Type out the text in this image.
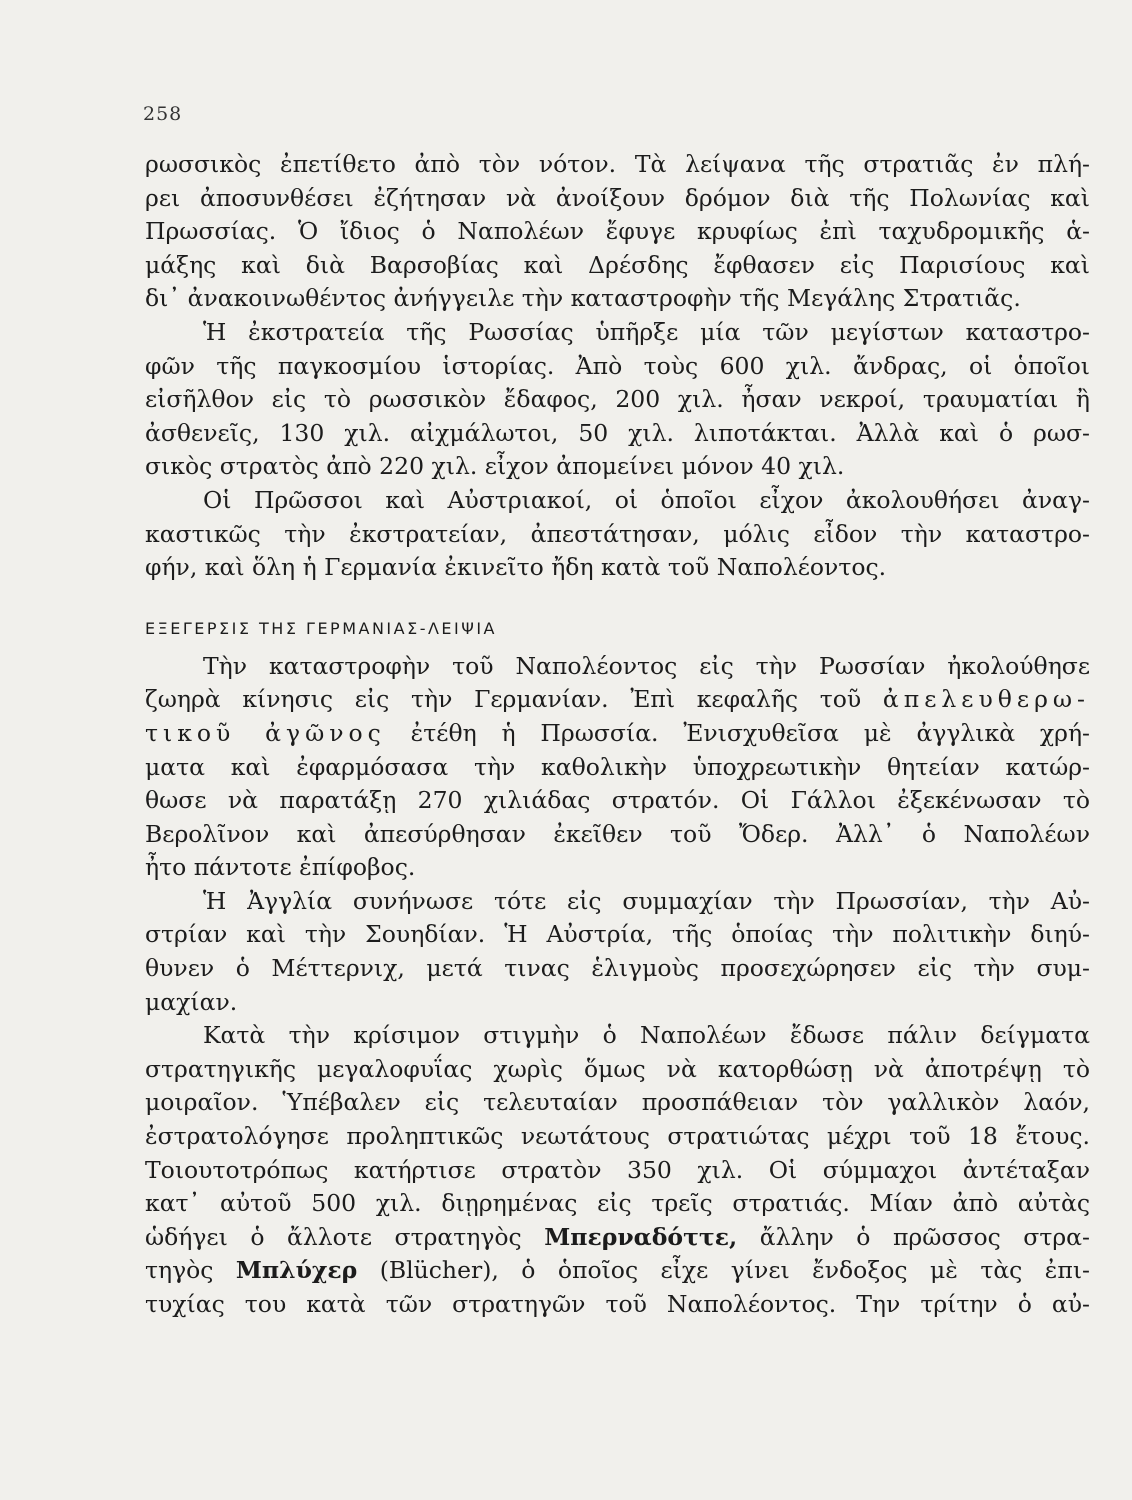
258

ρωσσικὸς ἐπετίθετο ἀπὸ τὸν νότον. Τὰ λείψανα τῆς στρατιᾶς ἐν πλή-

ρει ἀποσυνθέσει ἐζήτησαν νὰ ἀνοίξουν δρόμον διὰ τῆς Πολωνίας καὶ

Πρωσσίας. Ὁ ἴδιος ὁ Ναπολέων ἔφυγε κρυφίως ἐπὶ ταχυδρομικῆς ἁ-

μάξης καὶ διὰ Βαρσοβίας καὶ Δρέσδης ἔφθασεν εἰς Παρισίους καὶ

δι᾽ ἀνακοινωθέντος ἀνήγγειλε τὴν καταστροφὴν τῆς Μεγάλης Στρατιᾶς.

Ἡ ἐκστρατεία τῆς Ρωσσίας ὑπῆρξε μία τῶν μεγίστων καταστρο-

φῶν τῆς παγκοσμίου ἱστορίας. Ἀπὸ τοὺς 600 χιλ. ἄνδρας, οἱ ὁποῖοι

εἰσῆλθον εἰς τὸ ρωσσικὸν ἔδαφος, 200 χιλ. ἦσαν νεκροί, τραυματίαι ἢ

ἀσθενεῖς, 130 χιλ. αἰχμάλωτοι, 50 χιλ. λιποτάκται. Ἀλλὰ καὶ ὁ ρωσ-

σικὸς στρατὸς ἀπὸ 220 χιλ. εἶχον ἀπομείνει μόνον 40 χιλ.

Οἱ Πρῶσσοι καὶ Αὐστριακοί, οἱ ὁποῖοι εἶχον ἀκολουθήσει ἀναγ-

καστικῶς τὴν ἐκστρατείαν, ἀπεστάτησαν, μόλις εἶδον τὴν καταστρο-

φήν, καὶ ὅλη ἡ Γερμανία ἐκινεῖτο ἤδη κατὰ τοῦ Ναπολέοντος.

ΕΞΕΓΕΡΣΙΣ ΤΗΣ ΓΕΡΜΑΝΙΑΣ-ΛΕΙΨΙΑ

Τὴν καταστροφὴν τοῦ Ναπολέοντος εἰς τὴν Ρωσσίαν ἠκολούθησε

ζωηρὰ κίνησις εἰς τὴν Γερμανίαν. Ἐπὶ κεφαλῆς τοῦ ἀπελευθερω-

τικοῦ ἀγῶνος ἐτέθη ἡ Πρωσσία. Ἐνισχυθεῖσα μὲ ἀγγλικὰ χρή-

ματα καὶ ἐφαρμόσασα τὴν καθολικὴν ὑποχρεωτικὴν θητείαν κατώρ-

θωσε νὰ παρατάξῃ 270 χιλιάδας στρατόν. Οἱ Γάλλοι ἐξεκένωσαν τὸ

Βερολῖνον καὶ ἀπεσύρθησαν ἐκεῖθεν τοῦ Ὄδερ. Ἀλλ᾽ ὁ Ναπολέων

ἦτο πάντοτε ἐπίφοβος.

Ἡ Ἀγγλία συνήνωσε τότε εἰς συμμαχίαν τὴν Πρωσσίαν, τὴν Αὐ-

στρίαν καὶ τὴν Σουηδίαν. Ἡ Αὐστρία, τῆς ὁποίας τὴν πολιτικὴν διηύ-

θυνεν ὁ Μέττερνιχ, μετά τινας ἑλιγμοὺς προσεχώρησεν εἰς τὴν συμ-

μαχίαν.

Κατὰ τὴν κρίσιμον στιγμὴν ὁ Ναπολέων ἔδωσε πάλιν δείγματα

στρατηγικῆς μεγαλοφυΐας χωρὶς ὅμως νὰ κατορθώσῃ νὰ ἀποτρέψῃ τὸ

μοιραῖον. Ὑπέβαλεν εἰς τελευταίαν προσπάθειαν τὸν γαλλικὸν λαόν,

ἐστρατολόγησε προληπτικῶς νεωτάτους στρατιώτας μέχρι τοῦ 18 ἔτους.

Τοιουτοτρόπως κατήρτισε στρατὸν 350 χιλ. Οἱ σύμμαχοι ἀντέταξαν

κατ᾽ αὐτοῦ 500 χιλ. διῃρημένας εἰς τρεῖς στρατιάς. Μίαν ἀπὸ αὐτὰς

ὡδήγει ὁ ἄλλοτε στρατηγὸς Μπερναδόττε, ἄλλην ὁ πρῶσσος στρα-

τηγὸς Μπλύχερ (Blücher), ὁ ὁποῖος εἶχε γίνει ἔνδοξος μὲ τὰς ἐπι-

τυχίας του κατὰ τῶν στρατηγῶν τοῦ Ναπολέοντος. Την τρίτην ὁ αὐ-
